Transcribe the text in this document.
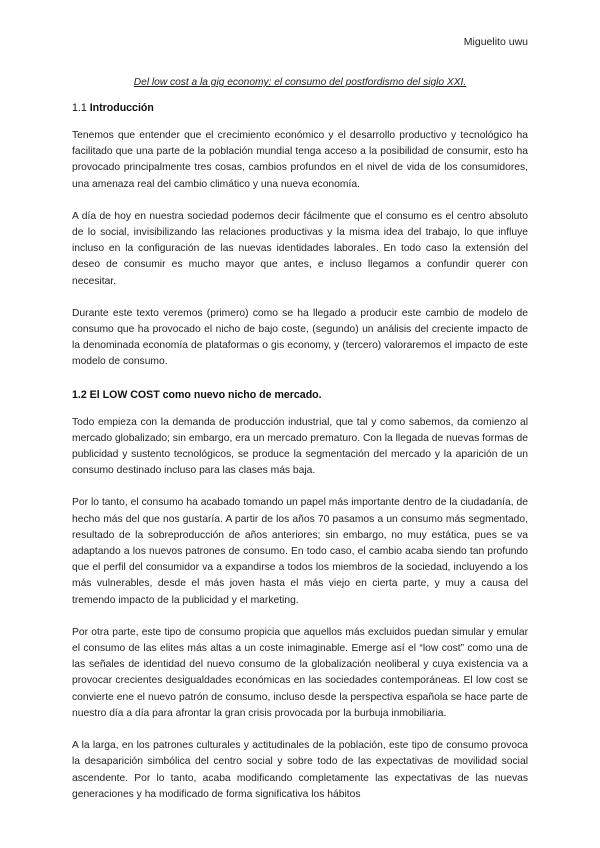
Miguelito uwu
Del low cost a la gig economy: el consumo del postfordismo del siglo XXI.
1.1 Introducción

Tenemos que entender que el crecimiento económico y el desarrollo productivo y tecnológico ha facilitado que una parte de la población mundial tenga acceso a la posibilidad de consumir, esto ha provocado principalmente tres cosas, cambios profundos en el nivel de vida de los consumidores, una amenaza real del cambio climático y una nueva economía.

A día de hoy en nuestra sociedad podemos decir fácilmente que el consumo es el centro absoluto de lo social, invisibilizando las relaciones productivas y la misma idea del trabajo, lo que influye incluso en la configuración de las nuevas identidades laborales. En todo caso la extensión del deseo de consumir es mucho mayor que antes, e incluso llegamos a confundir querer con necesitar.

Durante este texto veremos (primero) como se ha llegado a producir este cambio de modelo de consumo que ha provocado el nicho de bajo coste, (segundo) un análisis del creciente impacto de la denominada economía de plataformas o gis economy, y (tercero) valoraremos el impacto de este modelo de consumo.

1.2 El LOW COST como nuevo nicho de mercado.

Todo empieza con la demanda de producción industrial, que tal y como sabemos, da comienzo al mercado globalizado; sin embargo, era un mercado prematuro. Con la llegada de nuevas formas de publicidad y sustento tecnológicos, se produce la segmentación del mercado y la aparición de un consumo destinado incluso para las clases más baja.

Por lo tanto, el consumo ha acabado tomando un papel más importante dentro de la ciudadanía, de hecho más del que nos gustaría. A partir de los años 70 pasamos a un consumo más segmentado, resultado de la sobreproducción de años anteriores; sin embargo, no muy estática, pues se va adaptando a los nuevos patrones de consumo. En todo caso, el cambio acaba siendo tan profundo que el perfil del consumidor va a expandirse a todos los miembros de la sociedad, incluyendo a los más vulnerables, desde el más joven hasta el más viejo en cierta parte, y muy a causa del tremendo impacto de la publicidad y el marketing.

Por otra parte, este tipo de consumo propicia que aquellos más excluidos puedan simular y emular el consumo de las elites más altas a un coste inimaginable. Emerge así el “low cost” como una de las señales de identidad del nuevo consumo de la globalización neoliberal y cuya existencia va a provocar crecientes desigualdades económicas en las sociedades contemporáneas. El low cost se convierte ene el nuevo patrón de consumo, incluso desde la perspectiva española se hace parte de nuestro día a día para afrontar la gran crisis provocada por la burbuja inmobiliaria.

A la larga, en los patrones culturales y actitudinales de la población, este tipo de consumo provoca la desaparición simbólica del centro social y sobre todo de las expectativas de movilidad social ascendente. Por lo tanto, acaba modificando completamente las expectativas de las nuevas generaciones y ha modificado de forma significativa los hábitos
